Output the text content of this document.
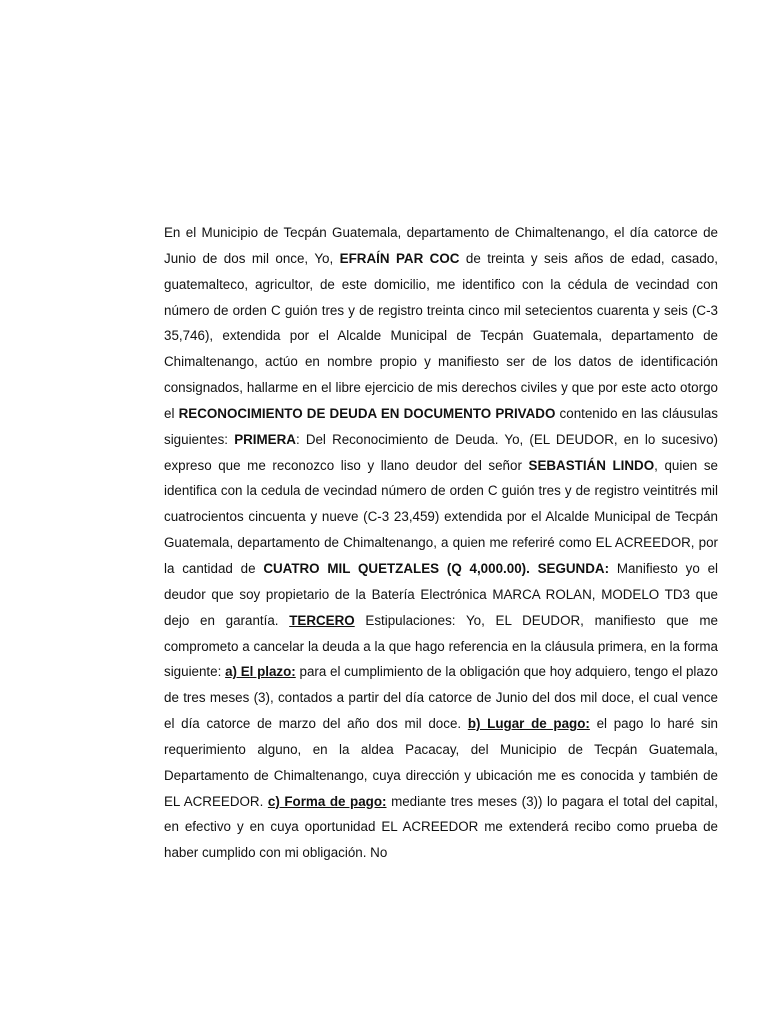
En el Municipio de Tecpán Guatemala, departamento de Chimaltenango, el día catorce de Junio de dos mil once, Yo, EFRAÍN PAR COC de treinta y seis años de edad, casado, guatemalteco, agricultor, de este domicilio, me identifico con la cédula de vecindad con número de orden C guión tres y de registro treinta cinco mil setecientos cuarenta y seis (C-3 35,746), extendida por el Alcalde Municipal de Tecpán Guatemala, departamento de Chimaltenango, actúo en nombre propio y manifiesto ser de los datos de identificación consignados, hallarme en el libre ejercicio de mis derechos civiles y que por este acto otorgo el RECONOCIMIENTO DE DEUDA EN DOCUMENTO PRIVADO contenido en las cláusulas siguientes: PRIMERA: Del Reconocimiento de Deuda. Yo, (EL DEUDOR, en lo sucesivo) expreso que me reconozco liso y llano deudor del señor SEBASTIÁN LINDO, quien se identifica con la cedula de vecindad número de orden C guión tres y de registro veintitrés mil cuatrocientos cincuenta y nueve (C-3 23,459) extendida por el Alcalde Municipal de Tecpán Guatemala, departamento de Chimaltenango, a quien me referiré como EL ACREEDOR, por la cantidad de CUATRO MIL QUETZALES (Q 4,000.00). SEGUNDA: Manifiesto yo el deudor que soy propietario de la Batería Electrónica MARCA ROLAN, MODELO TD3 que dejo en garantía. TERCERO Estipulaciones: Yo, EL DEUDOR, manifiesto que me comprometo a cancelar la deuda a la que hago referencia en la cláusula primera, en la forma siguiente: a) El plazo: para el cumplimiento de la obligación que hoy adquiero, tengo el plazo de tres meses (3), contados a partir del día catorce de Junio del dos mil doce, el cual vence el día catorce de marzo del año dos mil doce. b) Lugar de pago: el pago lo haré sin requerimiento alguno, en la aldea Pacacay, del Municipio de Tecpán Guatemala, Departamento de Chimaltenango, cuya dirección y ubicación me es conocida y también de EL ACREEDOR. c) Forma de pago: mediante tres meses (3)) lo pagara el total del capital, en efectivo y en cuya oportunidad EL ACREEDOR me extenderá recibo como prueba de haber cumplido con mi obligación. No
